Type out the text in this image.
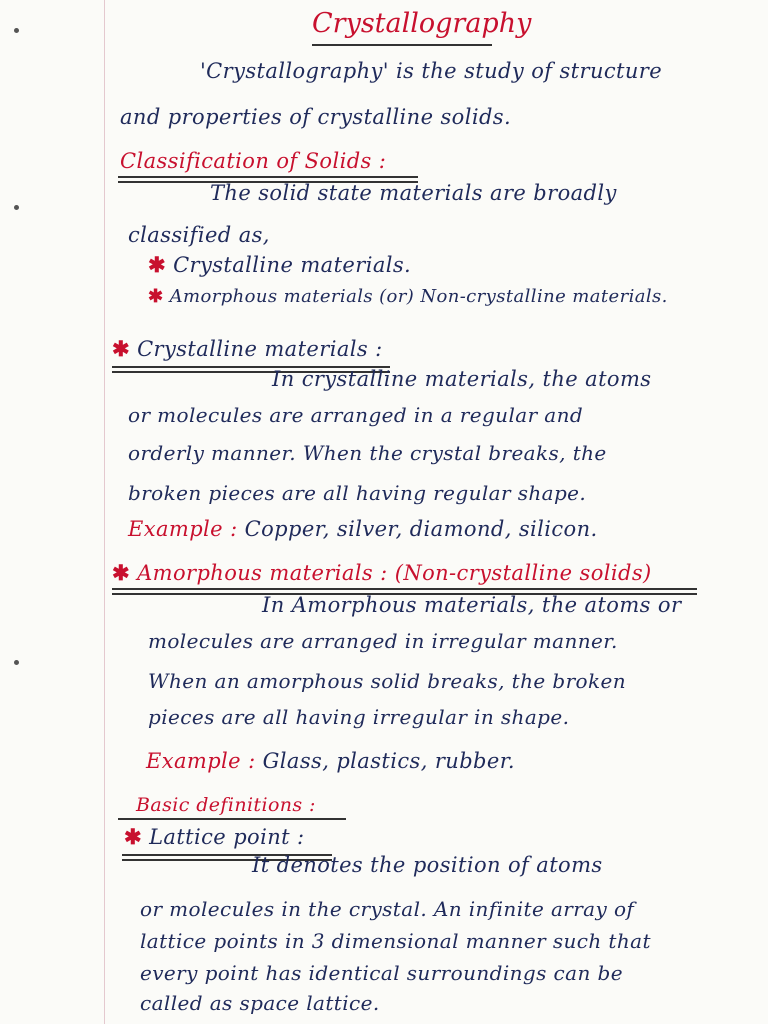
Crystallography
'Crystallography' is the study of structure
and properties of crystalline solids.
Classification of Solids :
The solid state materials are broadly
classified as,
✱ Crystalline materials.
✱ Amorphous materials (or) Non-crystalline materials.
✱ Crystalline materials :
In crystalline materials, the atoms
or molecules are arranged in a regular and
orderly manner. When the crystal breaks, the
broken pieces are all having regular shape.
Example : Copper, silver, diamond, silicon.
✱ Amorphous materials : (Non-crystalline solids)
In Amorphous materials, the atoms or
molecules are arranged in irregular manner.
When an amorphous solid breaks, the broken
pieces are all having irregular in shape.
Example : Glass, plastics, rubber.
Basic definitions :
✱ Lattice point :
It denotes the position of atoms
or molecules in the crystal. An infinite array of
lattice points in 3 dimensional manner such that
every point has identical surroundings can be
called as space lattice.
